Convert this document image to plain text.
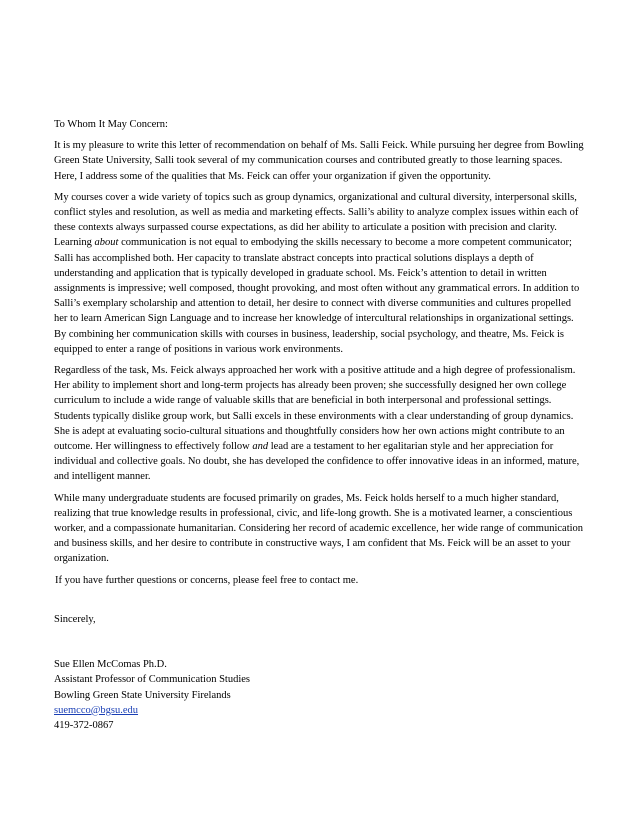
To Whom It May Concern:

It is my pleasure to write this letter of recommendation on behalf of Ms. Salli Feick. While pursuing her degree from Bowling Green State University, Salli took several of my communication courses and contributed greatly to those learning spaces. Here, I address some of the qualities that Ms. Feick can offer your organization if given the opportunity.

My courses cover a wide variety of topics such as group dynamics, organizational and cultural diversity, interpersonal skills, conflict styles and resolution, as well as media and marketing effects. Salli’s ability to analyze complex issues within each of these contexts always surpassed course expectations, as did her ability to articulate a position with precision and clarity. Learning about communication is not equal to embodying the skills necessary to become a more competent communicator; Salli has accomplished both. Her capacity to translate abstract concepts into practical solutions displays a depth of understanding and application that is typically developed in graduate school. Ms. Feick’s attention to detail in written assignments is impressive; well composed, thought provoking, and most often without any grammatical errors. In addition to Salli’s exemplary scholarship and attention to detail, her desire to connect with diverse communities and cultures propelled her to learn American Sign Language and to increase her knowledge of intercultural relationships in organizational settings. By combining her communication skills with courses in business, leadership, social psychology, and theatre, Ms. Feick is equipped to enter a range of positions in various work environments.

Regardless of the task, Ms. Feick always approached her work with a positive attitude and a high degree of professionalism. Her ability to implement short and long-term projects has already been proven; she successfully designed her own college curriculum to include a wide range of valuable skills that are beneficial in both interpersonal and professional settings. Students typically dislike group work, but Salli excels in these environments with a clear understanding of group dynamics. She is adept at evaluating socio-cultural situations and thoughtfully considers how her own actions might contribute to an outcome. Her willingness to effectively follow and lead are a testament to her egalitarian style and her appreciation for individual and collective goals. No doubt, she has developed the confidence to offer innovative ideas in an informed, mature, and intelligent manner.

While many undergraduate students are focused primarily on grades, Ms. Feick holds herself to a much higher standard, realizing that true knowledge results in professional, civic, and life-long growth. She is a motivated learner, a conscientious worker, and a compassionate humanitarian. Considering her record of academic excellence, her wide range of communication and business skills, and her desire to contribute in constructive ways, I am confident that Ms. Feick will be an asset to your organization.

If you have further questions or concerns, please feel free to contact me.

Sincerely,
Sue Ellen McComas Ph.D.
Assistant Professor of Communication Studies
Bowling Green State University Firelands
suemcco@bgsu.edu
419-372-0867
